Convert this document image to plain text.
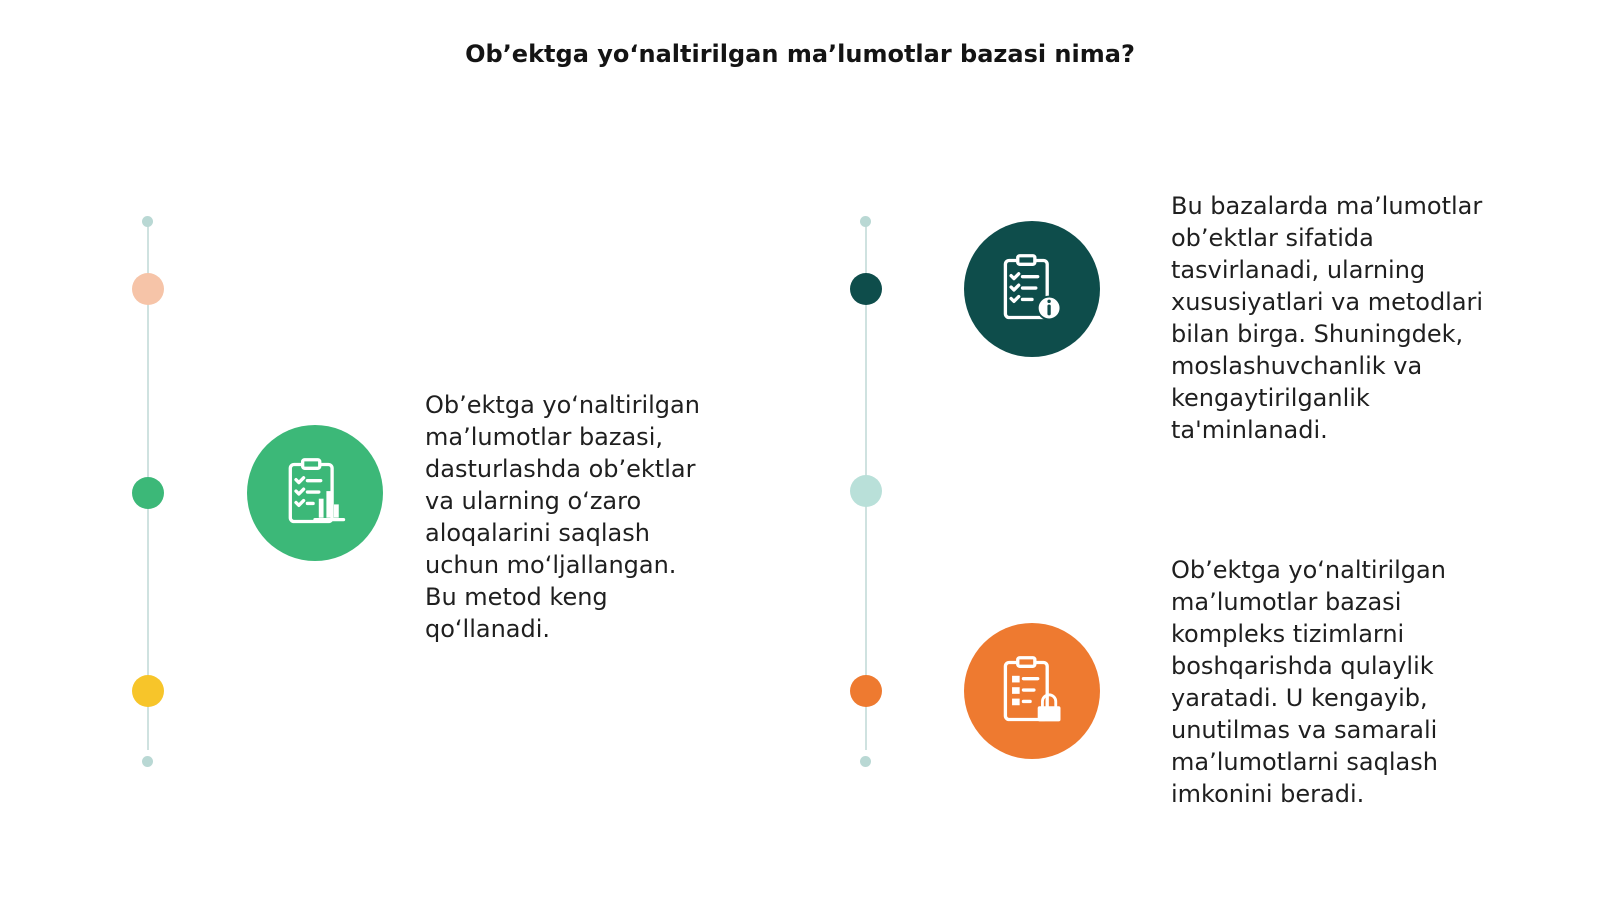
Ob’ektga yo‘naltirilgan ma’lumotlar bazasi nima?
Ob’ektga yo‘naltirilgan
ma’lumotlar bazasi,
dasturlashda ob’ektlar
va ularning o‘zaro
aloqalarini saqlash
uchun mo‘ljallangan.
Bu metod keng
qo‘llanadi.
Bu bazalarda ma’lumotlar
ob’ektlar sifatida
tasvirlanadi, ularning
xususiyatlari va metodlari
bilan birga. Shuningdek,
moslashuvchanlik va
kengaytirilganlik
ta'minlanadi.
Ob’ektga yo‘naltirilgan
ma’lumotlar bazasi
kompleks tizimlarni
boshqarishda qulaylik
yaratadi. U kengayib,
unutilmas va samarali
ma’lumotlarni saqlash
imkonini beradi.
